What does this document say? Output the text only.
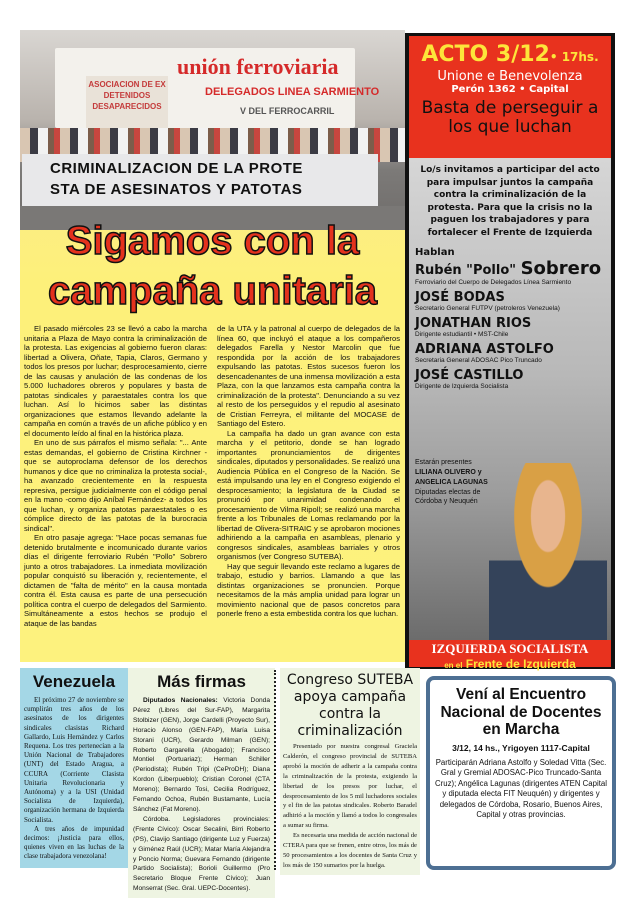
unión ferroviaria
DELEGADOS LINEA SARMIENTO
V DEL FERROCARRIL
ASOCIACION DE EX DETENIDOS DESAPARECIDOS
CRIMINALIZACION DE LA PROTE
STA DE ASESINATOS Y PATOTAS
Sigamos con la
campaña unitaria

El pasado miércoles 23 se llevó a cabo la marcha unitaria a Plaza de Mayo contra la criminalización de la protesta. Las exigencias al gobierno fueron claras: libertad a Olivera, Oñate, Tapia, Claros, Germano y todos los presos por luchar; desprocesamiento, cierre de las causas y anulación de las condenas de los 5.000 luchadores obreros y populares y basta de patotas sindicales y paraestatales contra los que luchan. Así lo hicimos saber las distintas organizaciones que estamos llevando adelante la campaña en común a través de un afiche público y en el documento leído al final en la histórica plaza.

En uno de sus párrafos el mismo señala: "... Ante estas demandas, el gobierno de Cristina Kirchner -que se autoproclama defensor de los derechos humanos y dice que no criminaliza la protesta social-, ha avanzado crecientemente en la respuesta represiva, persigue judicialmente con el código penal en la mano -como dijo Aníbal Fernández- a todos los que luchan, y organiza patotas paraestatales o es cómplice directo de las patotas de la burocracia sindical".

En otro pasaje agrega: "Hace pocas semanas fue detenido brutalmente e incomunicado durante varios días el dirigente ferroviario Rubén "Pollo" Sobrero junto a otros trabajadores. La inmediata movilización popular conquistó su liberación y, recientemente, el dictamen de "falta de mérito" en la causa montada contra él. Esta causa es parte de una persecución política contra el cuerpo de delegados del Sarmiento. Simultáneamente a estos hechos se produjo el ataque de las bandas

de la UTA y la patronal al cuerpo de delegados de la línea 60, que incluyó el ataque a los compañeros delegados Farella y Nestor Marcolin que fue respondida por la acción de los trabajadores expulsando las patotas. Estos sucesos fueron los desencadenantes de una inmensa movilización a esta Plaza, con la que lanzamos esta campaña contra la criminalización de la protesta". Denunciando a su vez al resto de los perseguidos y el repudio al asesinato de Cristian Ferreyra, el militante del MOCASE de Santiago del Estero.

La campaña ha dado un gran avance con esta marcha y el petitorio, donde se han logrado importantes pronunciamientos de dirigentes sindicales, diputados y personalidades. Se realizó una Audiencia Pública en el Congreso de la Nación. Se está impulsando una ley en el Congreso exigiendo el desprocesamiento; la legislatura de la Ciudad se pronunció por unanimidad condenando el procesamiento de Vilma Ripoll; se realizó una marcha frente a los Tribunales de Lomas reclamando por la libertad de Olivera-SITRAIC y se aprobaron mociones adhiriendo a la campaña en asambleas, plenario y congresos sindicales, asambleas barriales y otros organismos (ver Congreso SUTEBA).

Hay que seguir llevando este reclamo a lugares de trabajo, estudio y barrios. Llamando a que las distintas organizaciones se pronuncien. Porque necesitamos de la más amplia unidad para lograr un movimiento nacional que de pasos concretos para ponerle freno a esta embestida contra los que luchan.

ACTO 3/12• 17hs.
Unione e Benevolenza
Perón 1362 • Capital
Basta de perseguir a los que luchan
Lo/s invitamos a participar del acto para impulsar juntos la campaña contra la criminalización de la protesta. Para que la crisis no la paguen los trabajadores y para fortalecer el Frente de Izquierda
Hablan
Rubén "Pollo" Sobrero
Ferroviario del Cuerpo de Delegados Línea Sarmiento
JOSÉ BODAS
Secretario General FUTPV (petroleros Venezuela)
JONATHAN RIOS
Dirigente estudiantil • MST-Chile
ADRIANA ASTOLFO
Secretaria General ADOSAC Pico Truncado
JOSÉ CASTILLO
Dirigente de Izquierda Socialista
Estarán presentes
LILIANA OLIVERO y
ANGELICA LAGUNAS
Diputadas electas de Córdoba y Neuquén
IZQUIERDA SOCIALISTA
en el Frente de Izquierda
Venezuela

El próximo 27 de noviembre se cumplirán tres años de los asesinatos de los dirigentes sindicales clasistas Richard Gallardo, Luis Hernández y Carlos Requena. Los tres pertenecían a la Unión Nacional de Trabajadores (UNT) del Estado Aragua, a CCURA (Corriente Clasista Unitaria Revolucionaria y Autónoma) y a la USI (Unidad Socialista de Izquierda), organización hermana de Izquierda Socialista.

A tres años de impunidad decimos: ¡Justicia para ellos, quienes viven en las luchas de la clase trabajadora venezolana!

Más firmas

Diputados Nacionales: Victoria Donda Pérez (Libres del Sur-FAP), Margarita Stolbizer (GEN), Jorge Cardelli (Proyecto Sur), Horacio Alonso (GEN-FAP), María Luisa Storani (UCR), Gerardo Milman (GEN); Roberto Gargarella (Abogado); Francisco Montiel (Portuariaz); Herman Schiller (Periodista); Rubén Tripi (CeProDH); Diana Kordon (Liberpueblo); Cristian Coronel (CTA Moreno); Bernardo Tosi, Cecilia Rodríguez, Fernando Ochoa, Rubén Bustamante, Lucía Sánchez (Fat Moreno).

Córdoba. Legisladores provinciales: (Frente Cívico): Oscar Secalini, Birri Roberto (PS), Clavijo Santiago (dirigente Luz y Fuerza) y Giménez Raúl (UCR); Matar María Alejandra y Poncio Norma; Guevara Fernando (dirigente Partido Socialista); Borioli Guillermo (Pro Secretario Bloque Frente Cívico); Juan Monserrat (Sec. Gral. UEPC-Docentes).

Congreso SUTEBA apoya campaña contra la criminalización

Presentado por nuestra congresal Graciela Calderón, el congreso provincial de SUTEBA aprobó la moción de adherir a la campaña contra la criminalización de la protesta, exigiendo la libertad de los presos por luchar, el desprocesamiento de los 5 mil luchadores sociales y el fin de las patotas sindicales. Roberto Baradel adhirió a la moción y llamó a todos lo congresales a sumar su firma.

Es necesaria una medida de acción nacional de CTERA para que se frenen, entre otros, los más de 50 procesamientos a los docentes de Santa Cruz y los más de 150 sumarios por la huelga.

Vení al Encuentro Nacional de Docentes en Marcha
3/12, 14 hs., Yrigoyen 1117-Capital
Participarán Adriana Astolfo y Soledad Vitta (Sec. Gral y Gremial ADOSAC-Pico Truncado-Santa Cruz); Angélica Lagunas (dirigentes ATEN Capital y diputada electa FIT Neuquén) y dirigentes y delegados de Córdoba, Rosario, Buenos Aires, Capital y otras provincias.
